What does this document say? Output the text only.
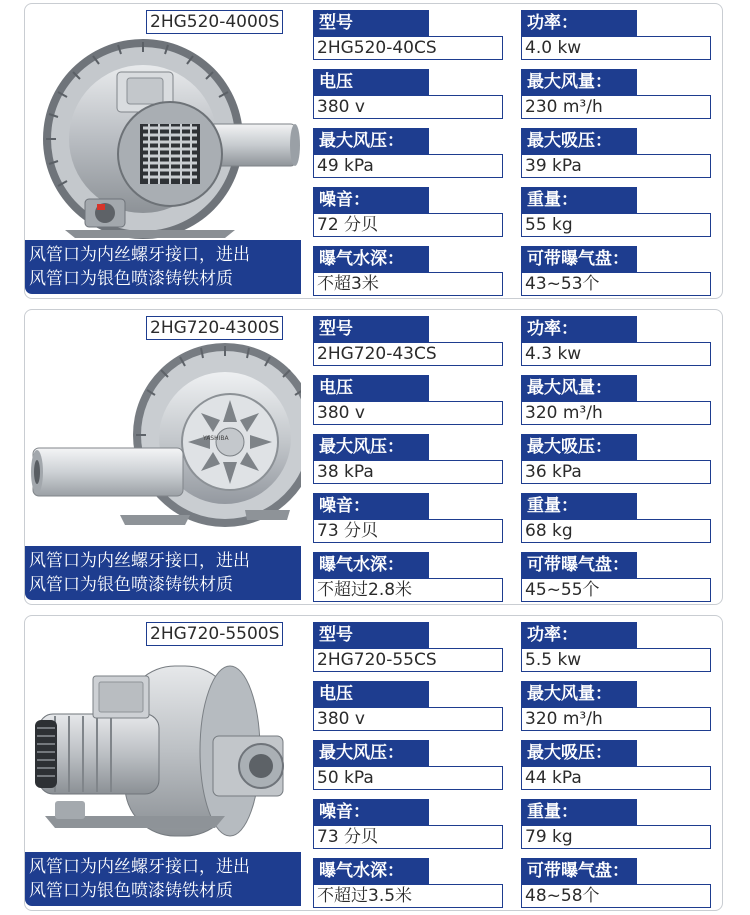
2HG520-4000S
风管口为内丝螺牙接口，进出
风管口为银色喷漆铸铁材质
型号
2HG520-40CS
功率：
4.0 kw
电压
380 v
最大风量：
230 m³/h
最大风压：
49 kPa
最大吸压：
39 kPa
噪音：
72 分贝
重量：
55 kg
曝气水深：
不超3米
可带曝气盘：
43~53个
YASHIBA
2HG720-4300S
风管口为内丝螺牙接口，进出
风管口为银色喷漆铸铁材质
型号
2HG720-43CS
功率：
4.3 kw
电压
380 v
最大风量：
320 m³/h
最大风压：
38 kPa
最大吸压：
36 kPa
噪音：
73 分贝
重量：
68 kg
曝气水深：
不超过2.8米
可带曝气盘：
45~55个
2HG720-5500S
风管口为内丝螺牙接口，进出
风管口为银色喷漆铸铁材质
型号
2HG720-55CS
功率：
5.5 kw
电压
380 v
最大风量：
320 m³/h
最大风压：
50 kPa
最大吸压：
44 kPa
噪音：
73 分贝
重量：
79 kg
曝气水深：
不超过3.5米
可带曝气盘：
48~58个
